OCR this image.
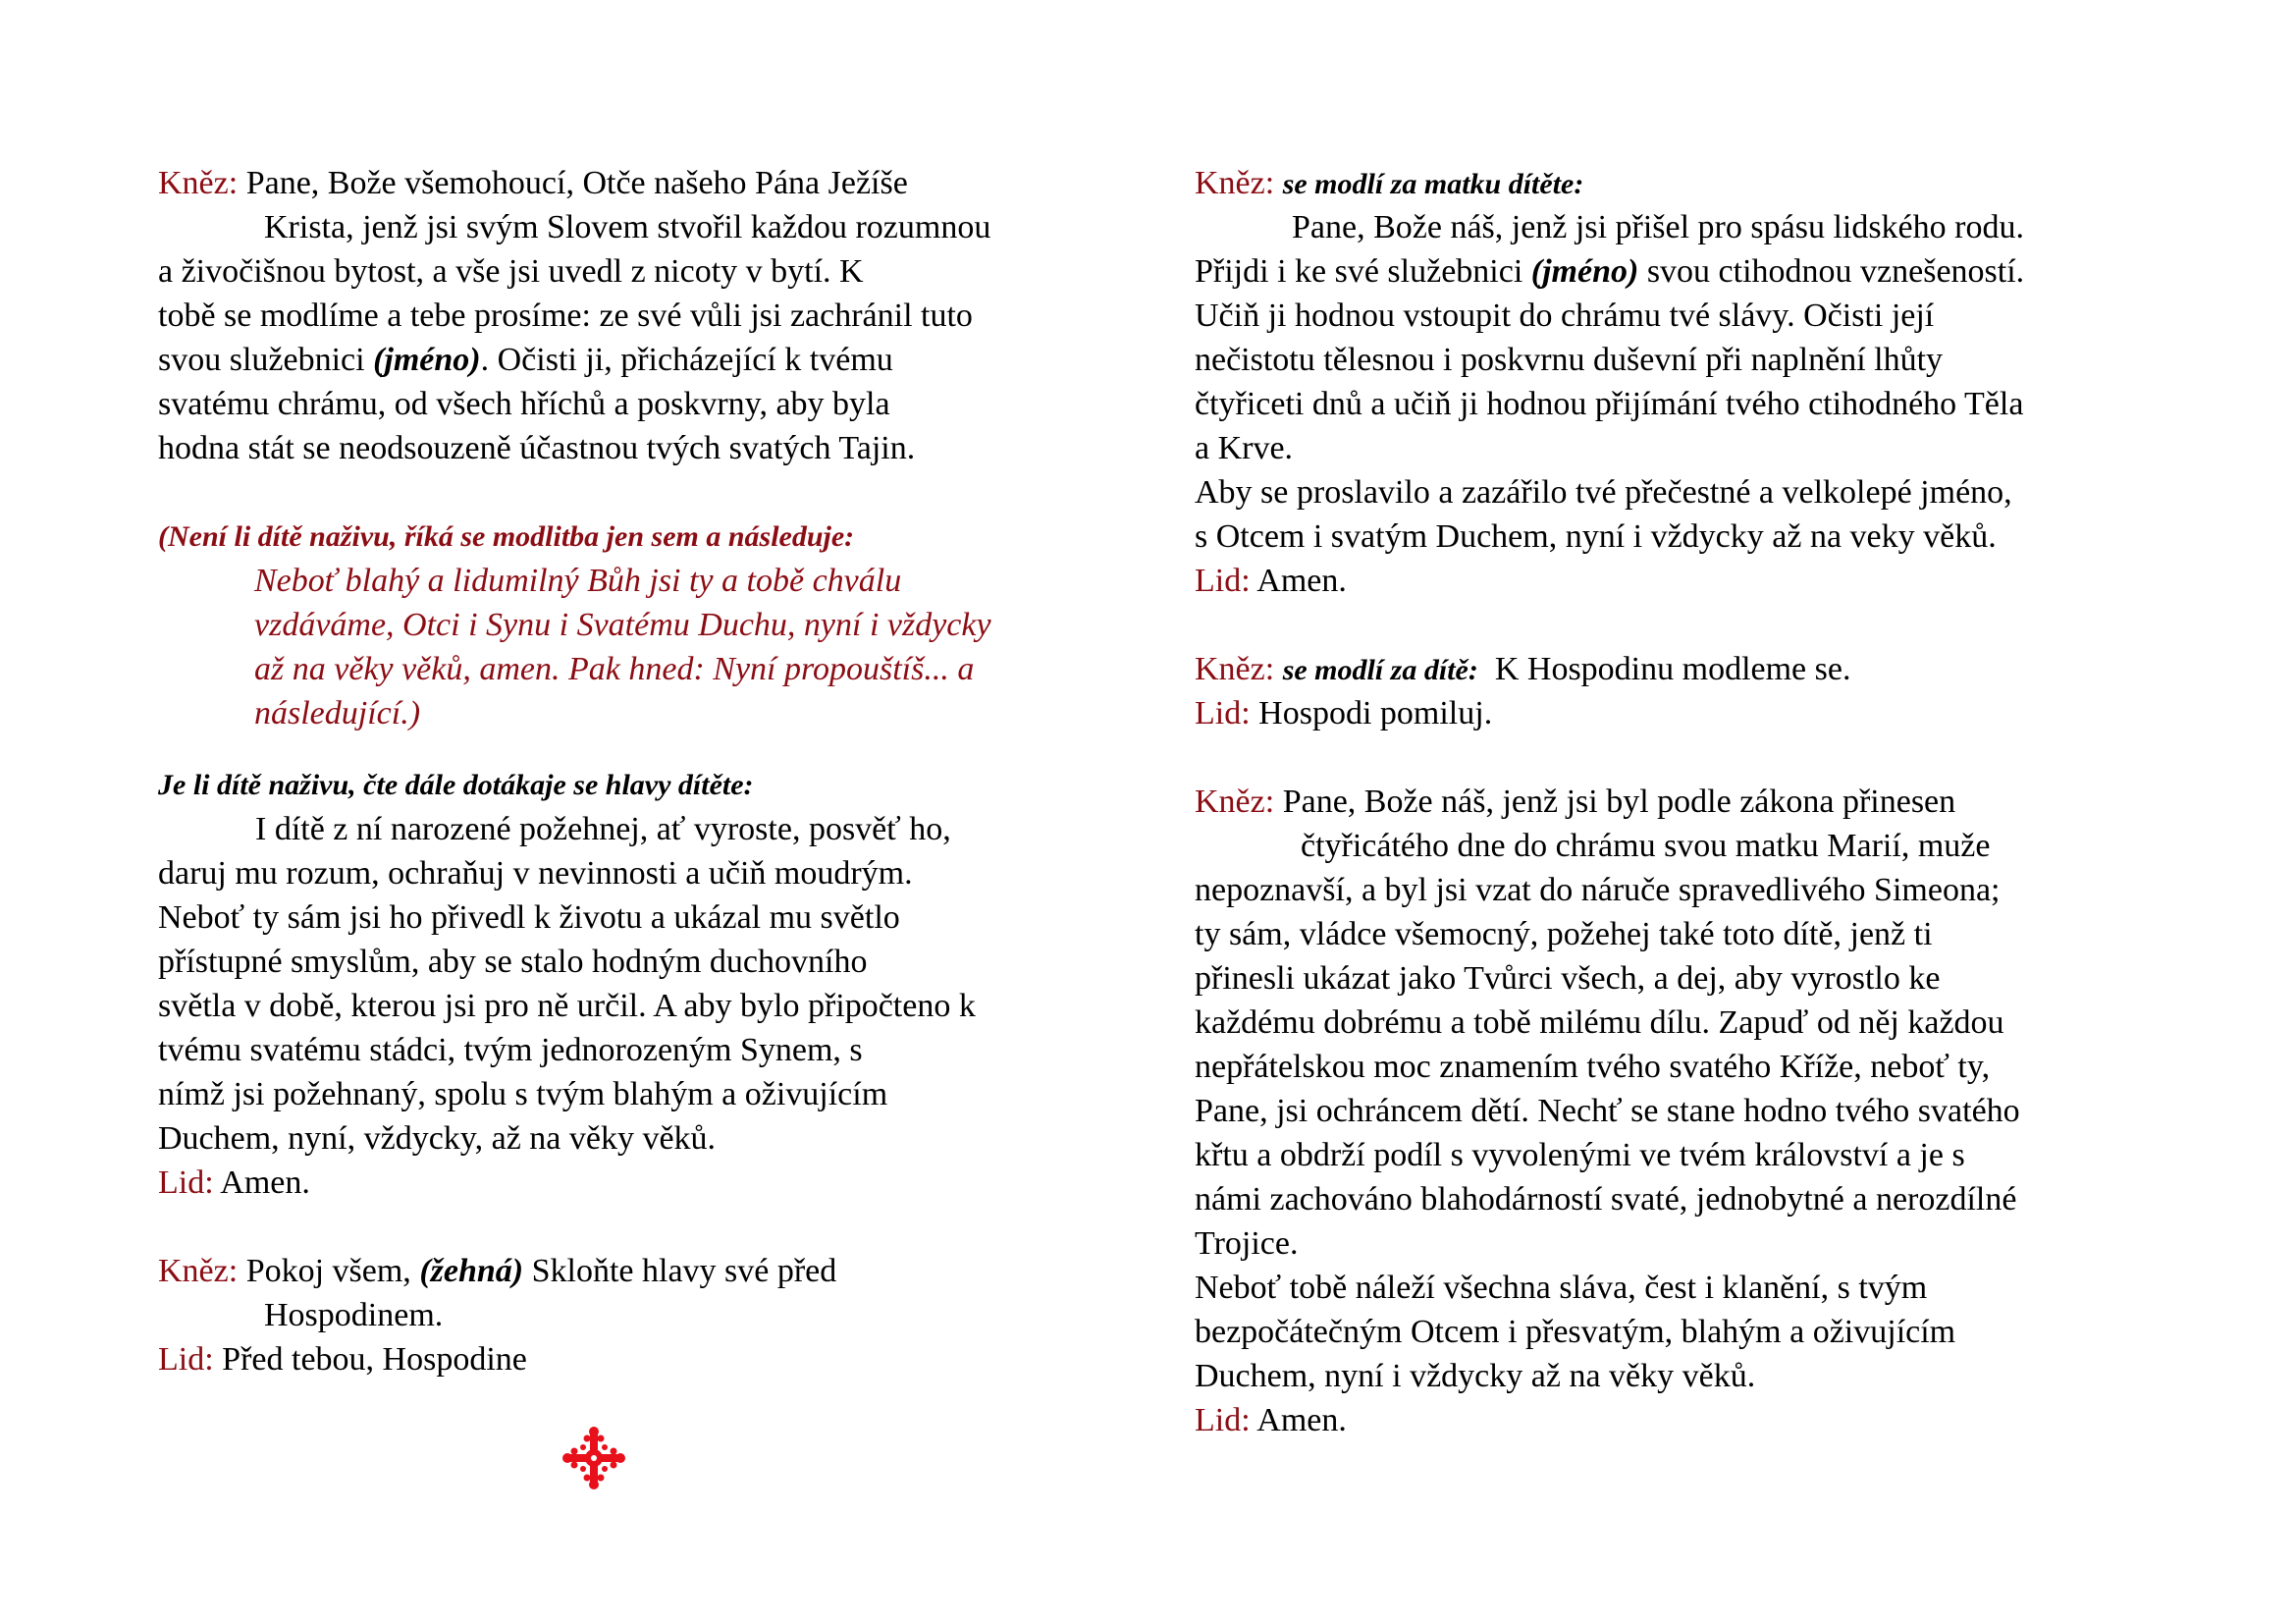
Kněz: Pane, Bože všemohoucí, Otče našeho Pána Ježíše
Krista, jenž jsi svým Slovem stvořil každou rozumnou
a živočišnou bytost, a vše jsi uvedl z nicoty v bytí. K
tobě se modlíme a tebe prosíme: ze své vůli jsi zachránil tuto
svou služebnici (jméno). Očisti ji, přicházející k tvému
svatému chrámu, od všech hříchů a poskvrny, aby byla
hodna stát se neodsouzeně účastnou tvých svatých Tajin.
(Není li dítě naživu, říká se modlitba jen sem a následuje:
Neboť blahý a lidumilný Bůh jsi ty a tobě chválu
vzdáváme, Otci i Synu i Svatému Duchu, nyní i vždycky
až na věky věků, amen. Pak hned: Nyní propouštíš... a
následující.)
Je li dítě naživu, čte dále dotákaje se hlavy dítěte:
I dítě z ní narozené požehnej, ať vyroste, posvěť ho,
daruj mu rozum, ochraňuj v nevinnosti a učiň moudrým.
Neboť ty sám jsi ho přivedl k životu a ukázal mu světlo
přístupné smyslům, aby se stalo hodným duchovního
světla v době, kterou jsi pro ně určil. A aby bylo připočteno k
tvému svatému stádci, tvým jednorozeným Synem, s
nímž jsi požehnaný, spolu s tvým blahým a oživujícím
Duchem, nyní, vždycky, až na věky věků.
Lid: Amen.
Kněz: Pokoj všem, (žehná) Skloňte hlavy své před
Hospodinem.
Lid: Před tebou, Hospodine
Kněz: se modlí za matku dítěte:
Pane, Bože náš, jenž jsi přišel pro spásu lidského rodu.
Přijdi i ke své služebnici (jméno) svou ctihodnou vznešeností.
Učiň ji hodnou vstoupit do chrámu tvé slávy. Očisti její
nečistotu tělesnou i poskvrnu duševní při naplnění lhůty
čtyřiceti dnů a učiň ji hodnou přijímání tvého ctihodného Těla
a Krve.
Aby se proslavilo a zazářilo tvé přečestné a velkolepé jméno,
s Otcem i svatým Duchem, nyní i vždycky až na veky věků.
Lid: Amen.
Kněz: se modlí za dítě:  K Hospodinu modleme se.
Lid: Hospodi pomiluj.
Kněz: Pane, Bože náš, jenž jsi byl podle zákona přinesen
čtyřicátého dne do chrámu svou matku Marií, muže
nepoznavší, a byl jsi vzat do náruče spravedlivého Simeona;
ty sám, vládce všemocný, požehej také toto dítě, jenž ti
přinesli ukázat jako Tvůrci všech, a dej, aby vyrostlo ke
každému dobrému a tobě milému dílu. Zapuď od něj každou
nepřátelskou moc znamením tvého svatého Kříže, neboť ty,
Pane, jsi ochráncem dětí. Nechť se stane hodno tvého svatého
křtu a obdrží podíl s vyvolenými ve tvém království a je s
námi zachováno blahodárností svaté, jednobytné a nerozdílné
Trojice.
Neboť tobě náleží všechna sláva, čest i klanění, s tvým
bezpočátečným Otcem i přesvatým, blahým a oživujícím
Duchem, nyní i vždycky až na věky věků.
Lid: Amen.
